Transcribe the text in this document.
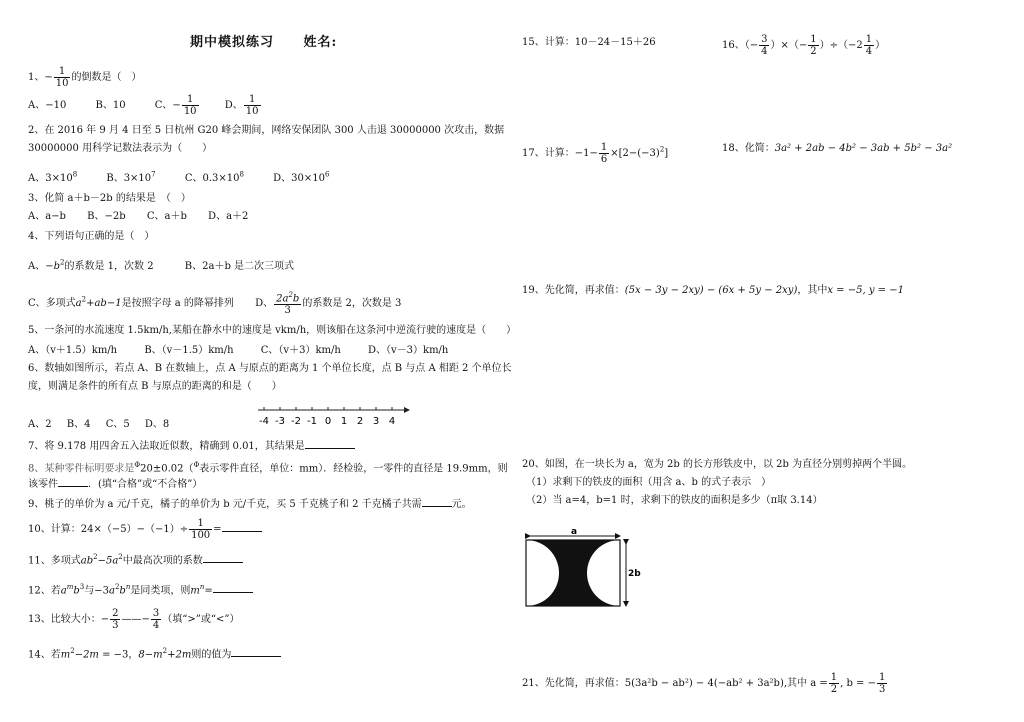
期中模拟练习 姓名:
1、− $\frac{1}{10}$ 的倒数是（　）
A、−10	B、10	C、− $\frac{1}{10}$	D、 $\frac{1}{10}$
2、在 2016 年 9 月 4 日至 5 日杭州 G20 峰会期间，网络安保团队 300 人击退 30000000 次攻击，数据
30000000 用科学记数法表示为（　　）
A、$3\times 10^8$	B、$3\times 10^7$	C、$0.3\times 10^8$	D、$30\times 10^6$
3、化简 a＋b－2b 的结果是　（　）
A、a−b B、−2b C、a＋b D、a＋2
4、下列语句正确的是（　）
A、$-b^2$的系数是 1，次数 2	B、2a＋b 是二次三项式
C、多项式$a^2+ab-1$是按照字母 a 的降幂排列 D、 $\frac{2a^2b}{3}$ 的系数是 2，次数是 3
5、一条河的水流速度 1.5km/h,某船在静水中的速度是 vkm/h，则该船在这条河中逆流行驶的速度是（　　）
A、（v＋1.5）km/h	B、（v－1.5）km/h	C、（v＋3）km/h	D、（v－3）km/h
6、数轴如图所示，若点 A、B 在数轴上，点 A 与原点的距离为 1 个单位长度，点 B 与点 A 相距 2 个单位长
度，则满足条件的所有点 B 与原点的距离的和是（　　）
A、2 B、4 C、5 D、8	-4 -3 -2 -1 0 1 2 3 4
7、将 9.178 用四舍五入法取近似数，精确到 0.01，其结果是
8、某种零件标明要求是$^\Phi$20±0.02（$^\Phi$表示零件直径，单位：mm）．经检验，一零件的直径是 19.9mm，则
该零件	．(填“合格”或“不合格”）
9、桃子的单价为 a 元/千克，橘子的单价为 b 元/千克，买 5 千克桃子和 2 千克橘子共需	元。
10、计算：$24\times(-5)-(-1)\div \frac{1}{100}$ =
11、多项式$ab^2-5a^2$中最高次项的系数
12、若$a^mb^3$与$-3a^2b^n$是同类项，则$m^n=$
13、比较大小：− $\frac{2}{3}$ ——− $\frac{3}{4}$ （填“>”或“<”）
14、若$m^2-2m = -3$，$8-m^2+2m$则的值为
15、计算：10－24－15＋26	16、（− $\frac{3}{4}$ ）×（− $\frac{1}{2} )\div(-2 \frac{1}{4}$ ）
17、计算：$-1- \frac{1}{6} \times[2-(-3)^2]$	18、化简：3a² + 2ab − 4b² − 3ab + 5b² − 3a²
19、先化简，再求值：(5x − 3y − 2xy) − (6x + 5y − 2xy)，其中x = −5, y = −1
20、如图，在一块长为 a，宽为 2b 的长方形铁皮中，以 2b 为直径分别剪掉两个半圆。
（1）求剩下的铁皮的面积（用含 a、b 的式子表示　）
（2）当 a=4，b=1 时，求剩下的铁皮的面积是多少（π取 3.14）
a
2b
21、先化简，再求值：5(3a²b − ab²) − 4(−ab² + 3a²b),其中 $a = \frac{1}{2}$ , b = − $\frac{1}{3}$
